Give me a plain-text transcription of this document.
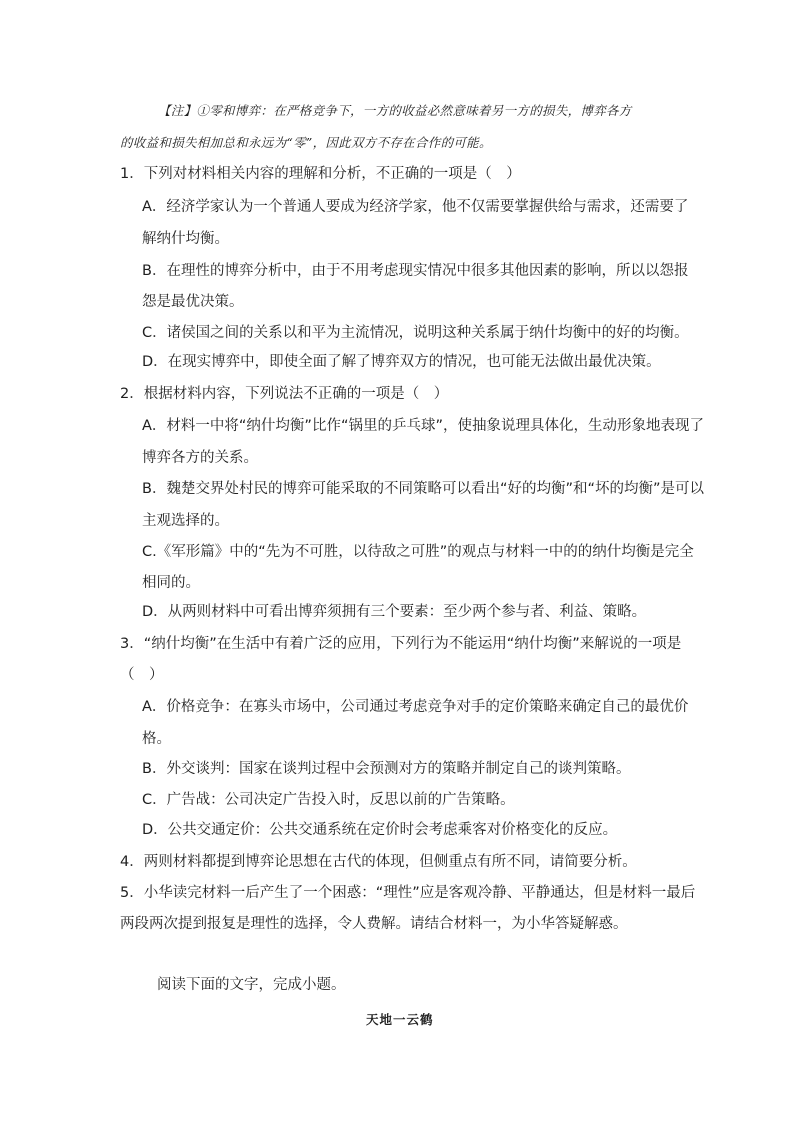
【注】①零和博弈：在严格竞争下，一方的收益必然意味着另一方的损失，博弈各方
的收益和损失相加总和永远为“零”，因此双方不存在合作的可能。
1．下列对材料相关内容的理解和分析，不正确的一项是（　）
A．经济学家认为一个普通人要成为经济学家，他不仅需要掌握供给与需求，还需要了
解纳什均衡。
B．在理性的博弈分析中，由于不用考虑现实情况中很多其他因素的影响，所以以怨报
怨是最优决策。
C．诸侯国之间的关系以和平为主流情况，说明这种关系属于纳什均衡中的好的均衡。
D．在现实博弈中，即使全面了解了博弈双方的情况，也可能无法做出最优决策。
2．根据材料内容，下列说法不正确的一项是（　）
A．材料一中将“纳什均衡”比作“锅里的乒乓球”，使抽象说理具体化，生动形象地表现了
博弈各方的关系。
B．魏楚交界处村民的博弈可能采取的不同策略可以看出“好的均衡”和“坏的均衡”是可以
主观选择的。
C.《军形篇》中的“先为不可胜，以待敌之可胜”的观点与材料一中的的纳什均衡是完全
相同的。
D．从两则材料中可看出博弈须拥有三个要素：至少两个参与者、利益、策略。
3．“纳什均衡”在生活中有着广泛的应用，下列行为不能运用“纳什均衡”来解说的一项是
（　）
A．价格竞争：在寡头市场中，公司通过考虑竞争对手的定价策略来确定自己的最优价
格。
B．外交谈判：国家在谈判过程中会预测对方的策略并制定自己的谈判策略。
C．广告战：公司决定广告投入时，反思以前的广告策略。
D．公共交通定价：公共交通系统在定价时会考虑乘客对价格变化的反应。
4．两则材料都提到博弈论思想在古代的体现，但侧重点有所不同，请简要分析。
5．小华读完材料一后产生了一个困惑：“理性”应是客观冷静、平静通达，但是材料一最后
两段两次提到报复是理性的选择，令人费解。请结合材料一，为小华答疑解惑。
阅读下面的文字，完成小题。
天地一云鹤
